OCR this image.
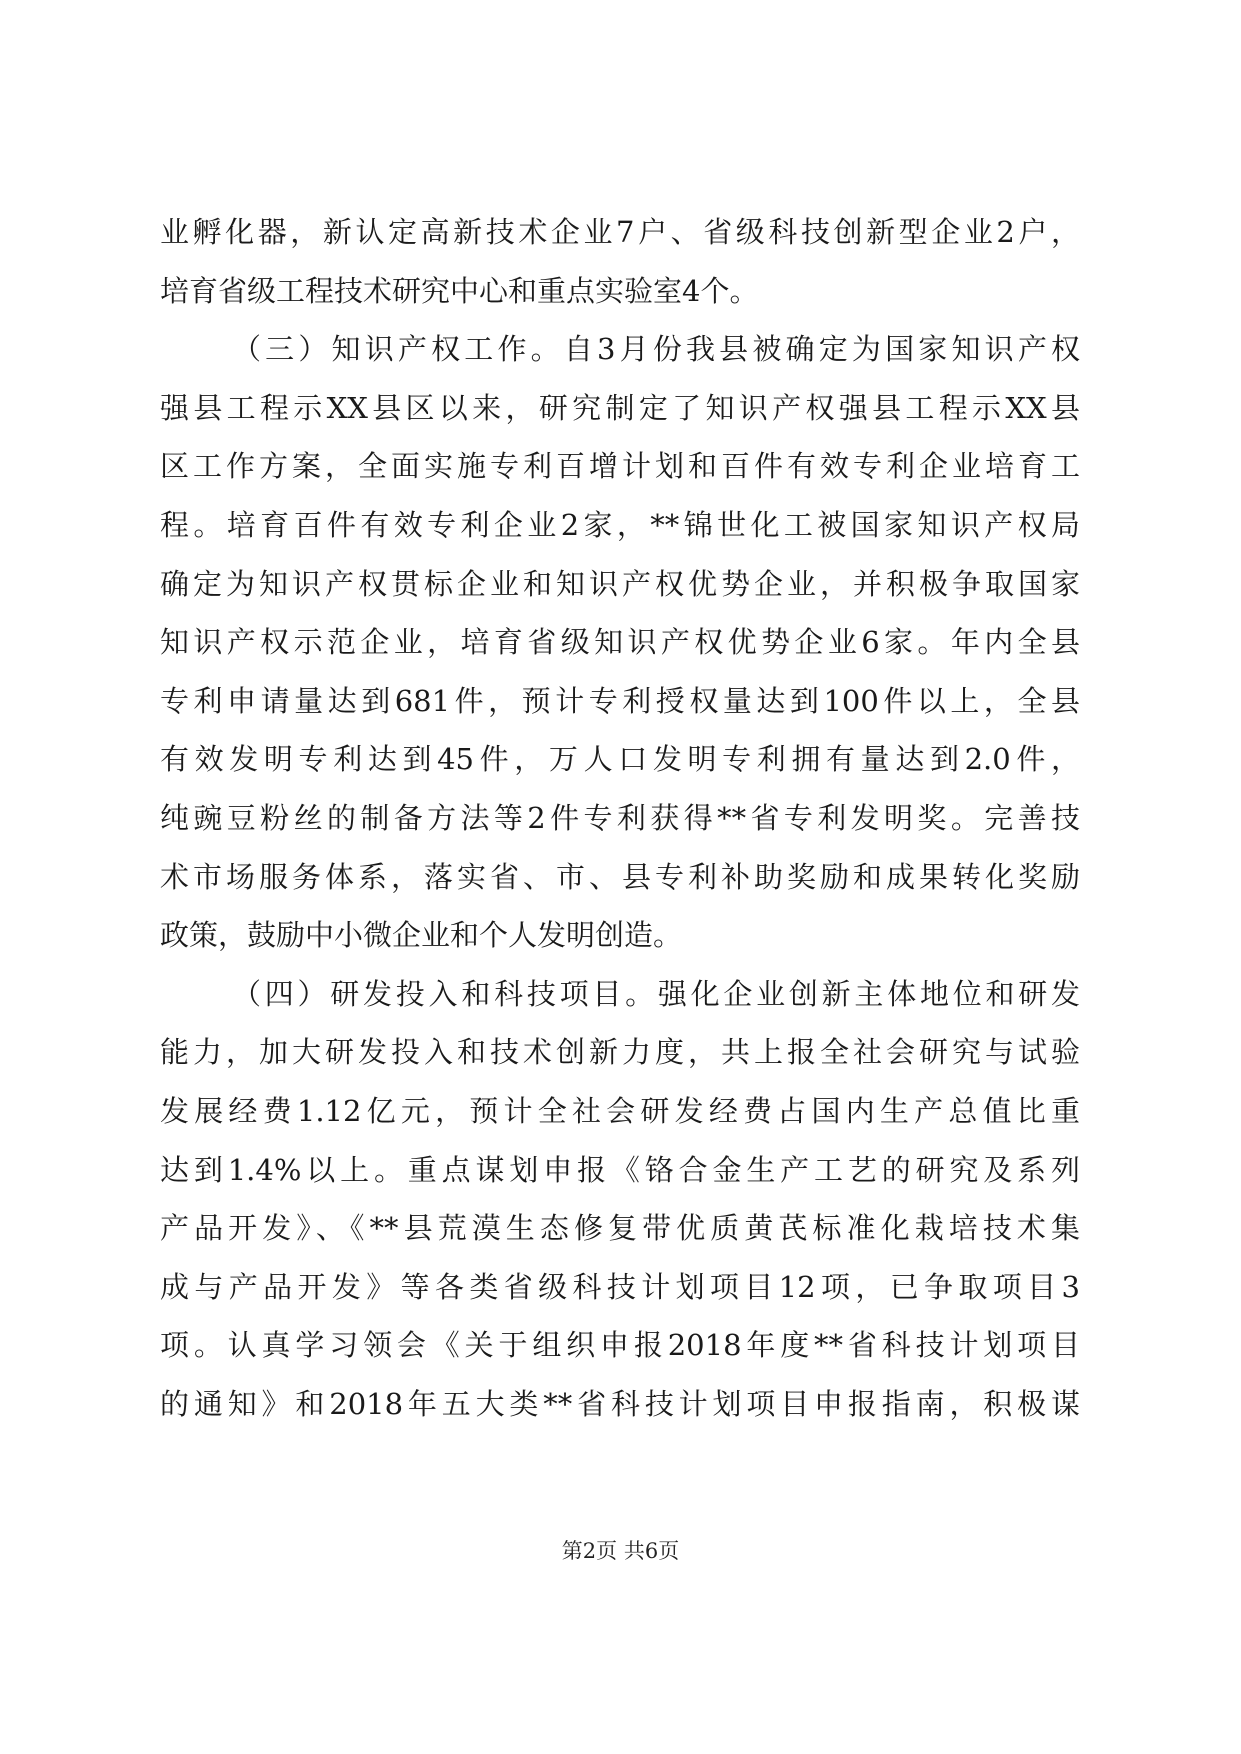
业孵化器，新认定高新技术企业7户、省级科技创新型企业2户，
培育省级工程技术研究中心和重点实验室4个。
（三）知识产权工作。自3月份我县被确定为国家知识产权
强县工程示XX县区以来，研究制定了知识产权强县工程示XX县
区工作方案，全面实施专利百增计划和百件有效专利企业培育工
程。培育百件有效专利企业2家，**锦世化工被国家知识产权局
确定为知识产权贯标企业和知识产权优势企业，并积极争取国家
知识产权示范企业，培育省级知识产权优势企业6家。年内全县
专利申请量达到681件，预计专利授权量达到100件以上，全县
有效发明专利达到45件，万人口发明专利拥有量达到2.0件，
纯豌豆粉丝的制备方法等2件专利获得**省专利发明奖。完善技
术市场服务体系，落实省、市、县专利补助奖励和成果转化奖励
政策，鼓励中小微企业和个人发明创造。
（四）研发投入和科技项目。强化企业创新主体地位和研发
能力，加大研发投入和技术创新力度，共上报全社会研究与试验
发展经费1.12亿元，预计全社会研发经费占国内生产总值比重
达到1.4%以上。重点谋划申报《铬合金生产工艺的研究及系列
产品开发》、《**县荒漠生态修复带优质黄芪标准化栽培技术集
成与产品开发》等各类省级科技计划项目12项，已争取项目3
项。认真学习领会《关于组织申报2018年度**省科技计划项目
的通知》和2018年五大类**省科技计划项目申报指南，积极谋
第2页 共6页
